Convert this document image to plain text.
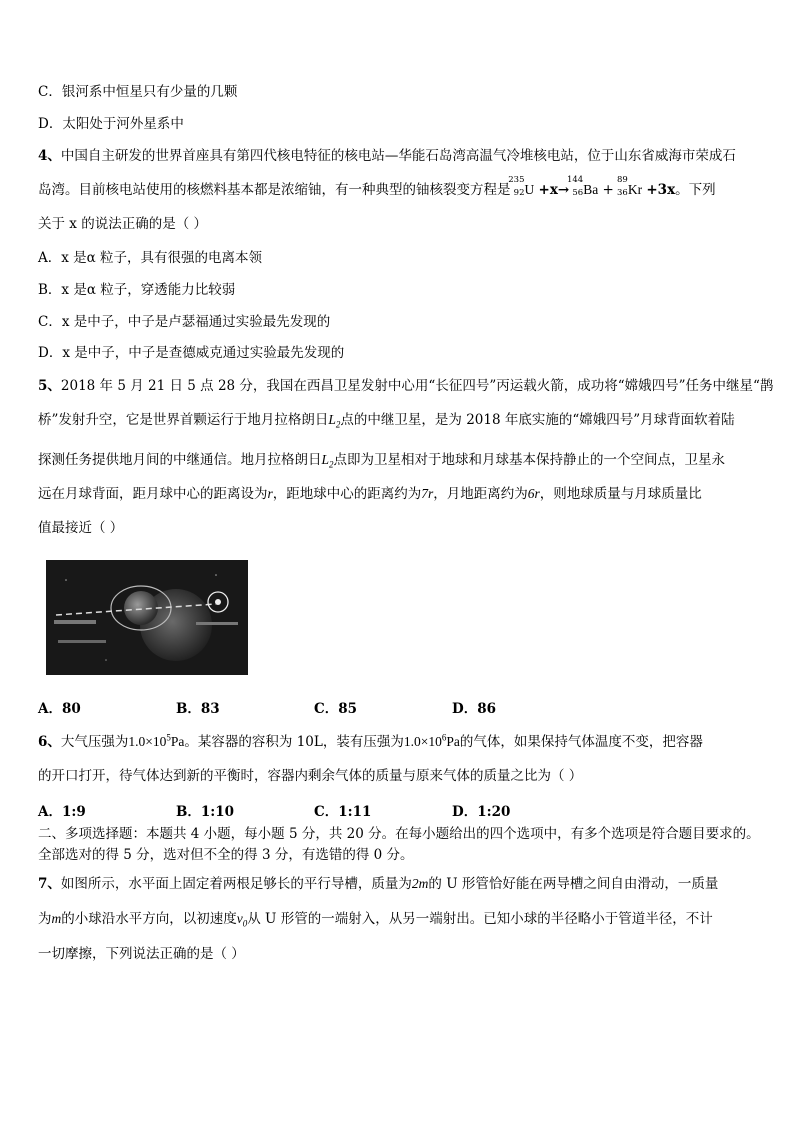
C．银河系中恒星只有少量的几颗
D．太阳处于河外星系中
4、中国自主研发的世界首座具有第四代核电特征的核电站—华能石岛湾高温气冷堆核电站，位于山东省威海市荣成石
岛湾。目前核电站使用的核燃料基本都是浓缩铀，有一种典型的铀核裂变方程是
235
92 U +x→
144
56 Ba +
89
36 Kr +3x。下列
关于 x 的说法正确的是（ ）
A．x 是α 粒子，具有很强的电离本领
B．x 是α 粒子，穿透能力比较弱
C．x 是中子，中子是卢瑟福通过实验最先发现的
D．x 是中子，中子是查德威克通过实验最先发现的
5、2018 年 5 月 21 日 5 点 28 分，我国在西昌卫星发射中心用“长征四号”丙运载火箭，成功将“嫦娥四号”任务中继星“鹊
桥”发射升空，它是世界首颗运行于地月拉格朗日$L_2$点的中继卫星，是为 2018 年底实施的“嫦娥四号”月球背面软着陆
探测任务提供地月间的中继通信。地月拉格朗日$L_2$点即为卫星相对于地球和月球基本保持静止的一个空间点，卫星永
远在月球背面，距月球中心的距离设为r，距地球中心的距离约为7r，月地距离约为6r，则地球质量与月球质量比
值最接近（ ）
A．80	B．83	C．85	D．86
6、大气压强为$1.0\times 10^5Pa$。某容器的容积为 10L，装有压强为$1.0\times 10^6Pa$的气体，如果保持气体温度不变，把容器
的开口打开，待气体达到新的平衡时，容器内剩余气体的质量与原来气体的质量之比为（ ）
A．1:9	B．1:10	C．1:11	D．1:20
二、多项选择题：本题共 4 小题，每小题 5 分，共 20 分。在每小题给出的四个选项中，有多个选项是符合题目要求的。
全部选对的得 5 分，选对但不全的得 3 分，有选错的得 0 分。
7、如图所示，水平面上固定着两根足够长的平行导槽，质量为2m的 U 形管恰好能在两导槽之间自由滑动，一质量
为m的小球沿水平方向，以初速度$v_0$从 U 形管的一端射入，从另一端射出。已知小球的半径略小于管道半径，不计
一切摩擦，下列说法正确的是（ ）
